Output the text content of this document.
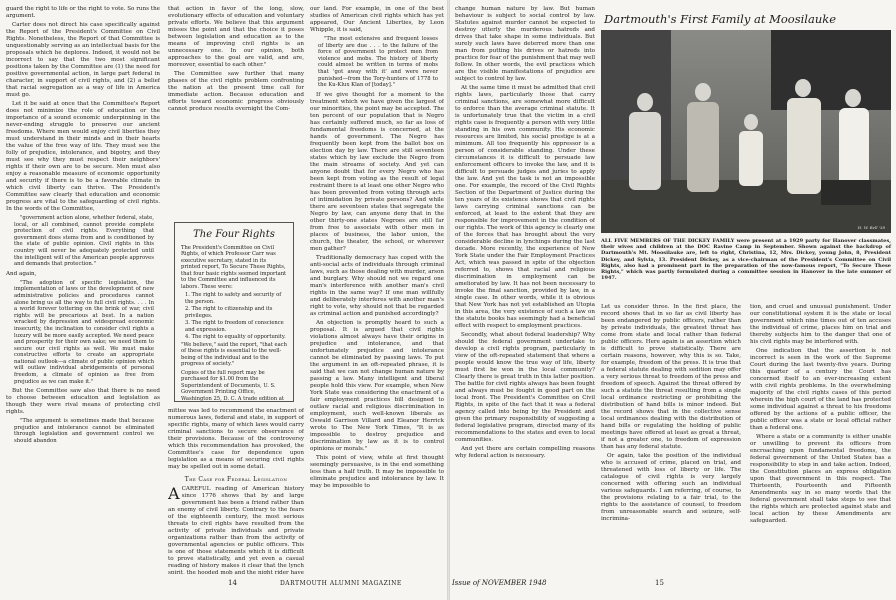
guard the right to life or the right to vote. So runs the argument.

Carter does not direct his case specifically against the Report of the President's Committee on Civil Rights. Nonetheless, the Report of that Committee is unquestionably serving as an intellectual basis for the proposals which he deplores. Indeed, it would not be incorrect to say that the two most significant positions taken by the Committee are (1) the need for positive governmental action, in large part federal in character, in support of civil rights, and (2) a belief that racial segregation as a way of life in America must go.

Let it be said at once that the Committee's Report does not minimize the role of education or the importance of a sound economic underpinning in the never-ending struggle to preserve our ancient freedoms. Where men would enjoy civil liberties they must understand in their minds and in their hearts the value of the free way of life. They must see the folly of prejudice, intolerance, and bigotry, and they must see why they must respect their neighbors' rights if their own are to be secure. Men must also enjoy a reasonable measure of economic opportunity and security if there is to be a favorable climate in which civil liberty can thrive. The President's Committee saw clearly that education and economic progress are vital to the safeguarding of civil rights. In the words of the Committee,

"government action alone, whether federal, state, local, or all combined, cannot provide complete protection of civil rights. Everything that government does stems from and is conditioned by the state of public opinion. Civil rights in this country will never be adequately protected until the intelligent will of the American people approves and demands that protection."

And again,

"The adoption of specific legislation, the implementation of laws or the development of new administrative policies and procedures cannot alone bring us all the way to full civil rights. . . . In a world forever tottering on the brink of war, civil rights will be precarious at best. In a nation wracked by depression and widespread economic insecurity, the inclination to consider civil rights a luxury will be more easily accepted. We need peace and prosperity for their own sake; we need them to secure our civil rights as well. We must make constructive efforts to create an appropriate national outlook—a climate of public opinion which will outlaw individual abridgements of personal freedom, a climate of opinion as free from prejudice as we can make it."

But the Committee saw also that there is no need to choose between education and legislation as though they were rival means of protecting civil rights.

"The argument is sometimes made that because prejudice and intolerance cannot be eliminated through legislation and government control we should abandon

that action in favor of the long, slow, evolutionary effects of education and voluntary private efforts. We believe that this argument misses the point and that the choice it poses between legislation and education as to the means of improving civil rights is an unnecessary one. In our opinion, both approaches to the goal are valid, and are, moreover, essential to each other."

The Committee saw further that many phases of the civil rights problem confronting the nation at the present time call for immediate action. Because education and efforts toward economic progress obviously cannot produce results overnight the Com-

The Four Rights

The President's Committee on Civil Rights, of which Professor Carr was executive secretary, stated in its printed report, To Secure These Rights, that four basic rights seemed important to the Committee and influenced its labors. These were:

1. The right to safety and security of the person.
2. The right to citizenship and its privileges.
3. The right to freedom of conscience and expression.
4. The right to equality of opportunity.

"We believe," said the report, "that each of these rights is essential to the well-being of the individual and to the progress of society."

Copies of the full report may be purchased for $1.00 from the Superintendent of Documents, U. S. Government Printing Office, Washington 25, D. C. A trade edition at

mittee was led to recommend the enactment of numerous laws, federal and state, in support of specific rights, many of which laws would carry criminal sanctions to secure observance of their provisions. Because of the controversy which this recommendation has provoked, the Committee's case for dependence upon legislation as a means of securing civil rights may be spelled out in some detail.

The Case for Federal Legislation

ACAREFUL reading of American history since 1776 shows that by and large government has been a friend rather than an enemy of civil liberty. Contrary to the fears of the eighteenth century, the most serious threats to civil rights have resulted from the activity of private individuals and private organizations rather than from the activity of governmental agencies or public officers. This is one of those statements which it is difficult to prove statistically, and yet even a casual reading of history makes it clear that the lynch spirit, the hooded mob and the night rider have

our land. For example, in one of the best studies of American civil rights which has yet appeared, Our Ancient Liberties, by Leon Whipple, it is said,

"The most extensive and frequent losses of liberty are due . . . to the failure of the force of government to protect men from violence and mobs. The history of liberty could almost be written in terms of mobs that 'got away with it' and were never punished—from the Tory-hunters of 1778 to the Ku-Klux Klan of [today]."

If we give thought for a moment to the treatment which we have given the largest of our minorities, the point may be accepted. The ten percent of our population that is Negro has certainly suffered much, so far as loss of fundamental freedoms is concerned, at the hands of government. The Negro has frequently been kept from the ballot box on election day by law. There are still seventeen states which by law exclude the Negro from the main streams of society. And yet can anyone doubt that for every Negro who has been kept from voting as the result of legal restraint there is at least one other Negro who has been prevented from voting through acts of intimidation by private persons? And while there are seventeen states that segregate the Negro by law, can anyone deny that in the other thirty-one states Negroes are still far from free to associate with other men in places of business, the labor union, the church, the theater, the school, or wherever men gather?

Traditionally democracy has coped with the anti-social acts of individuals through criminal laws, such as those dealing with murder, arson and burglary. Why should not we regard one man's interference with another man's civil rights in the same way? If one man willfully and deliberately interferes with another man's right to vote, why should not that be regarded as criminal action and punished accordingly?

An objection is promptly heard to such a proposal. It is argued that civil rights violations almost always have their origins in prejudice and intolerance, and that unfortunately prejudice and intolerance cannot be eliminated by passing laws. To put the argument in an oft-repeated phrase, it is said that we can not change human nature by passing a law. Many intelligent and liberal people hold this view. For example, when New York State was considering the enactment of a fair employment practices bill designed to outlaw racial and religious discrimination in employment, such well-known liberals as Oswald Garrison Villard and Eleanor Herrick wrote to The New York Times, "It is as impossible to destroy prejudice and discrimination by law as it is to control opinions or morals."

This point of view, while at first thought seemingly persuasive, is in the end something less than a half truth. It may be impossible to eliminate prejudice and intolerance by law. It may be impossible to

14	DARTMOUTH ALUMNI MAGAZINE

change human nature by law. But human behaviour is subject to social control by law. Statutes against murder cannot be expected to destroy utterly the murderous hatreds and drives that take shape in some individuals. But surely such laws have deterred more than one man from putting his drives or hatreds into practice for fear of the punishment that may well follow. In other words, the evil practices which are the visible manifestations of prejudice are subject to control by law.

At the same time it must be admitted that civil rights laws, particularly those that carry criminal sanctions, are somewhat more difficult to enforce than the average criminal statute. It is unfortunately true that the victim in a civil rights case is frequently a person with very little standing in his own community. His economic resources are limited, his social prestige is at a minimum. All too frequently his oppressor is a person of considerable standing. Under these circumstances it is difficult to persuade law enforcement officers to invoke the law, and it is difficult to persuade judges and juries to apply the law. And yet the task is not an impossible one. For example, the record of the Civil Rights Section of the Department of Justice during the ten years of its existence shows that civil rights laws carrying criminal sanctions can be enforced, at least to the extent that they are responsible for improvement in the condition of our rights. The work of this agency is clearly one of the forces that has brought about the very considerable decline in lynchings during the last decade. More recently, the experience of New York State under the Fair Employment Practices Act, which was passed in spite of the objection referred to, shows that racial and religious discrimination in employment can be ameliorated by law. It has not been necessary to invoke the final sanction, provided by law, in a single case. In other words, while it is obvious that New York has not yet established an Utopia in this area, the very existence of such a law on the statute books has seemingly had a beneficial effect with respect to employment practices.

Secondly, what about federal leadership? Why should the federal government undertake to develop a civil rights program, particularly in view of the oft-repeated statement that where a people would know the true way of life, liberty must first be won in the local community? Clearly there is great truth in this latter position. The battle for civil rights always has been fought and always must be fought in good part on the local front. The President's Committee on Civil Rights, in spite of the fact that it was a federal agency called into being by the President and given the primary responsibility of suggesting a federal legislative program, directed many of its recommendations to the states and even to local communities.

And yet there are certain compelling reasons why federal action is necessary.

Dartmouth's First Family at Moosilauke
H. W. Bell '38
ALL FIVE MEMBERS OF THE DICKEY FAMILY were present at a 1929 party for Hanover classmates, their wives and children at the DOC Ravine Camp in September. Shown against the backdrop of Dartmouth's Mt. Moosilauke are, left to right, Christina, 12, Mrs. Dickey, young John, 8, President Dickey, and Sylvia, 13. President Dickey, as a vice-chairman of the President's Committee on Civil Rights, also had a prominent part in the preparation of the now-famous report, "To Secure These Rights," which was partly formulated during a committee session in Hanover in the late summer of 1947.

Let us consider three. In the first place, the record shows that in so far as civil liberty has been endangered by public officers, rather than by private individuals, the greatest threat has come from state and local rather than federal public officers. Here again is an assertion which is difficult to prove statistically. There are certain reasons, however, why this is so. Take, for example, freedom of the press. It is true that a federal statute dealing with sedition may offer a very serious threat to freedom of the press and freedom of speech. Against the threat offered by such a statute the threat resulting from a single local ordinance restricting or prohibiting the distribution of hand bills is minor indeed. But the record shows that in the collective sense local ordinances dealing with the distribution of hand bills or regulating the holding of public meetings have offered at least as great a threat, if not a greater one, to freedom of expression than has any federal statute.

Or again, take the position of the individual who is accused of crime, placed on trial, and threatened with loss of liberty or life. The catalogue of civil rights is very largely concerned with offering such an individual various safeguards. I am referring, of course, to the provisions relating to a fair trial, to the rights to the assistance of counsel, to freedom from unreasonable search and seizure, self-incrimina-

tion, and cruel and unusual punishment. Under our constitutional system it is the state or local government which nine times out of ten accuses the individual of crime, places him on trial and thereby subjects him to the danger that one of his civil rights may be interfered with.

One indication that the assertion is not incorrect is seen in the work of the Supreme Court during the last twenty-five years. During this quarter of a century the Court has concerned itself to an ever-increasing extent with civil rights problems. In the overwhelming majority of the civil rights cases of this period wherein the high court of the land has protected some individual against a threat to his freedoms offered by the actions of a public officer, the public officer was a state or local official rather than a federal one.

Where a state or a community is either unable or unwilling to prevent its officers from encroaching upon fundamental freedoms, the federal government of the United States has a responsibility to step in and take action. Indeed, the Constitution places an express obligation upon that government in this respect. The Thirteenth, Fourteenth and Fifteenth Amendments say in so many words that the federal government shall take steps to see that the rights which are protected against state and local action by these Amendments are safeguarded.

Issue of NOVEMBER 1948	15
